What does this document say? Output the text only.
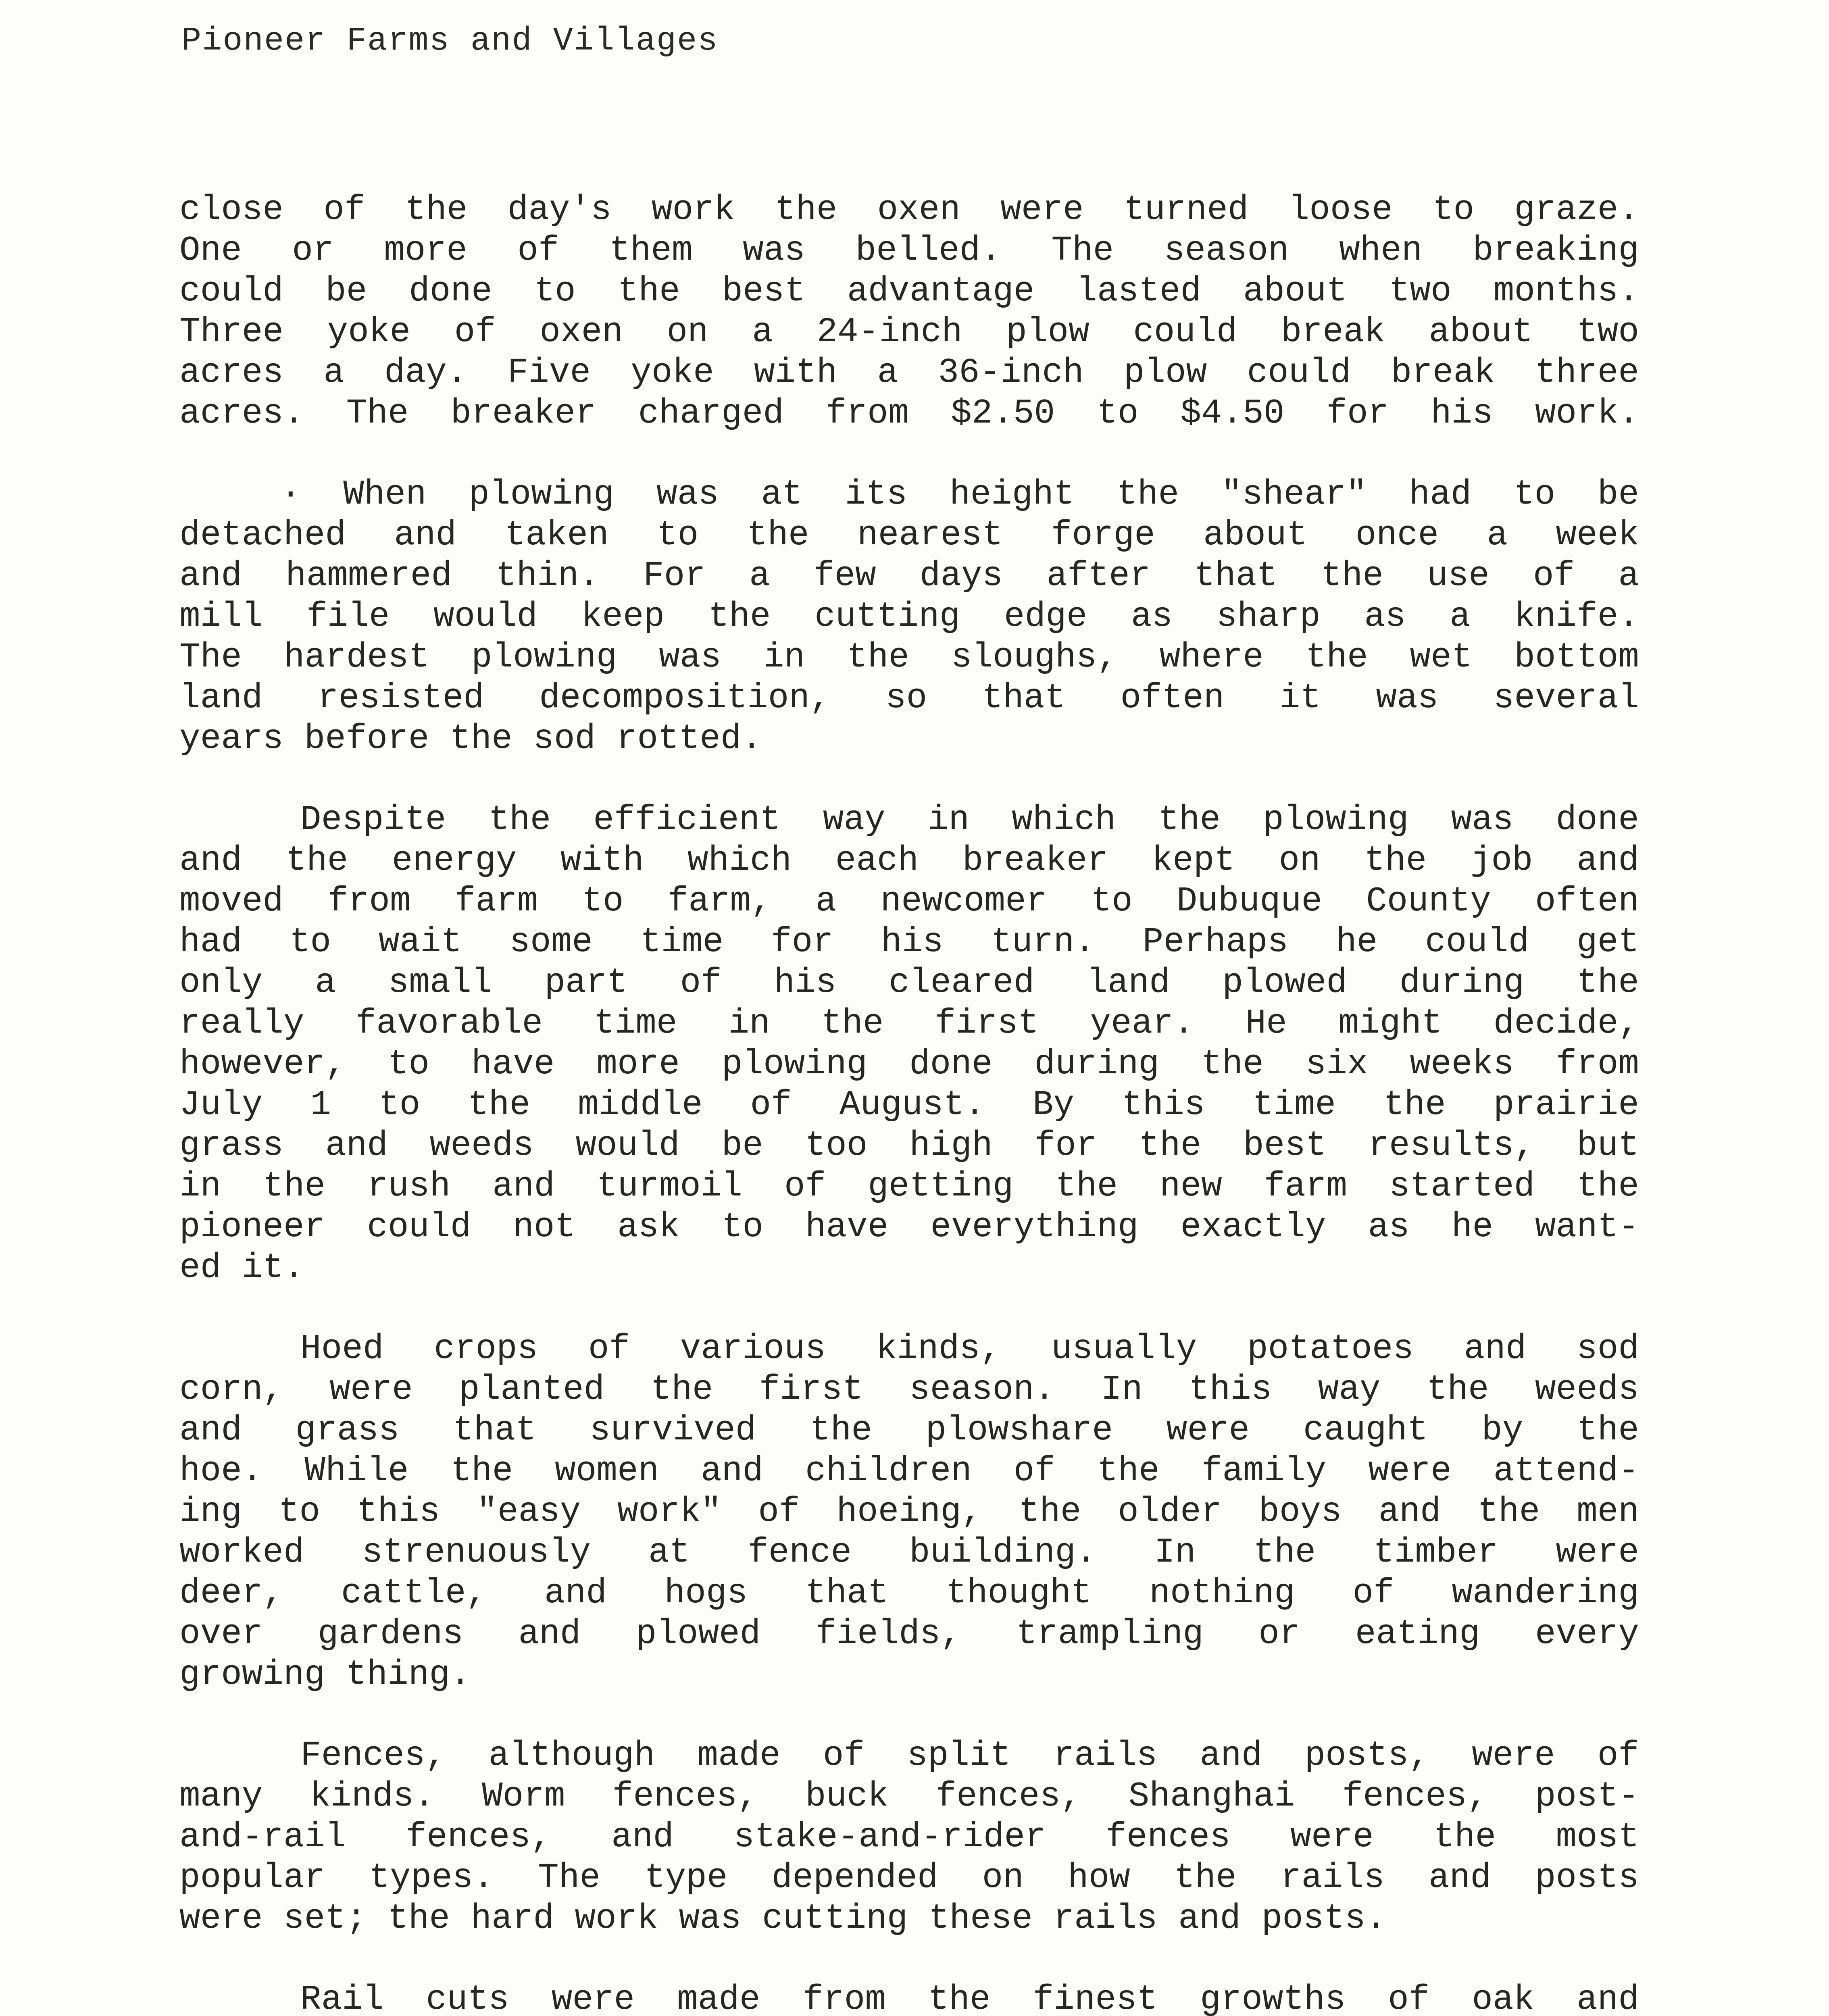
Pioneer Farms and Villages
close of the day's work the oxen were turned loose to graze.
One or more of them was belled. The season when breaking
could be done to the best advantage lasted about two months.
Three yoke of oxen on a 24-inch plow could break about two
acres a day. Five yoke with a 36-inch plow could break three
acres. The breaker charged from $2.50 to $4.50 for his work.
· When plowing was at its height the "shear" had to be
detached and taken to the nearest forge about once a week
and hammered thin. For a few days after that the use of a
mill file would keep the cutting edge as sharp as a knife.
The hardest plowing was in the sloughs, where the wet bottom
land resisted decomposition, so that often it was several
years before the sod rotted.
Despite the efficient way in which the plowing was done
and the energy with which each breaker kept on the job and
moved from farm to farm, a newcomer to Dubuque County often
had to wait some time for his turn. Perhaps he could get
only a small part of his cleared land plowed during the
really favorable time in the first year. He might decide,
however, to have more plowing done during the six weeks from
July 1 to the middle of August. By this time the prairie
grass and weeds would be too high for the best results, but
in the rush and turmoil of getting the new farm started the
pioneer could not ask to have everything exactly as he want-
ed it.
Hoed crops of various kinds, usually potatoes and sod
corn, were planted the first season. In this way the weeds
and grass that survived the plowshare were caught by the
hoe. While the women and children of the family were attend-
ing to this "easy work" of hoeing, the older boys and the men
worked strenuously at fence building. In the timber were
deer, cattle, and hogs that thought nothing of wandering
over gardens and plowed fields, trampling or eating every
growing thing.
Fences, although made of split rails and posts, were of
many kinds. Worm fences, buck fences, Shanghai fences, post-
and-rail fences, and stake-and-rider fences were the most
popular types. The type depended on how the rails and posts
were set; the hard work was cutting these rails and posts.
Rail cuts were made from the finest growths of oak and
